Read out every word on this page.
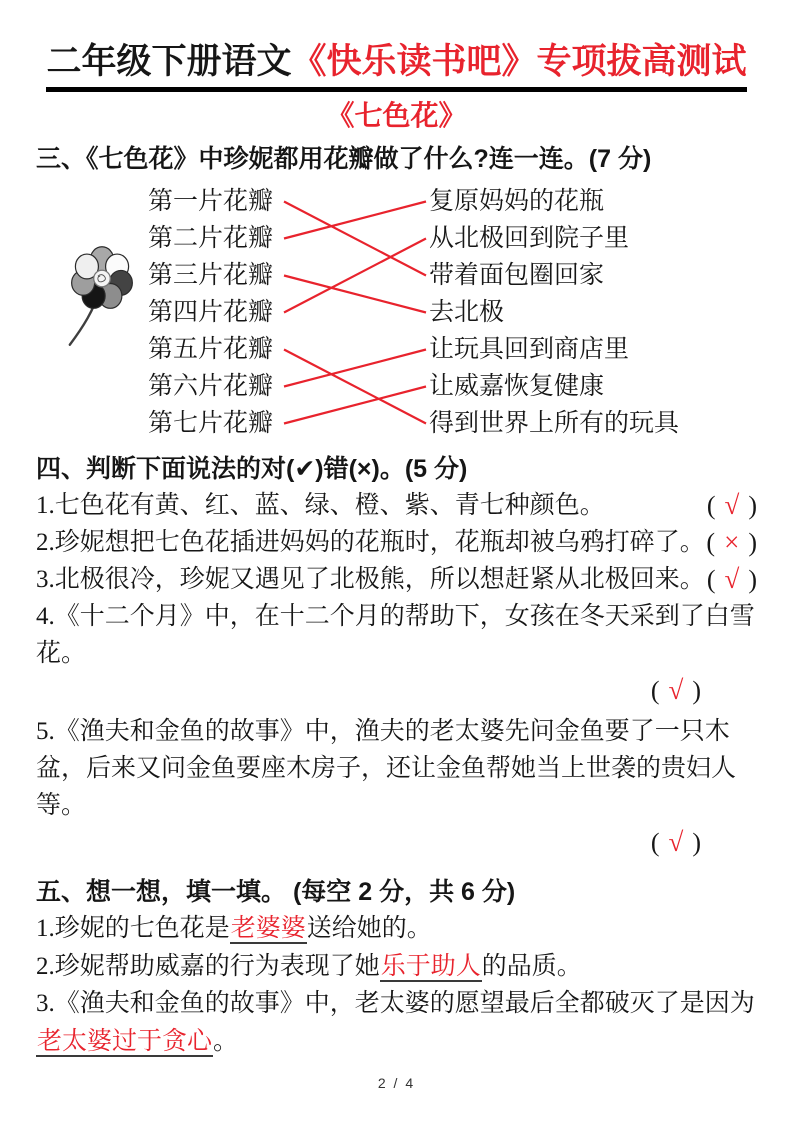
二年级下册语文《快乐读书吧》专项拔高测试
《七色花》
三、《七色花》中珍妮都用花瓣做了什么?连一连。(7 分)
第一片花瓣
第二片花瓣
第三片花瓣
第四片花瓣
第五片花瓣
第六片花瓣
第七片花瓣
复原妈妈的花瓶
从北极回到院子里
带着面包圈回家
去北极
让玩具回到商店里
让威嘉恢复健康
得到世界上所有的玩具
四、判断下面说法的对(✔)错(×)。(5 分)
1.七色花有黄、红、蓝、绿、橙、紫、青七种颜色。	( √ )
2.珍妮想把七色花插进妈妈的花瓶时，花瓶却被乌鸦打碎了。 ( × )
3.北极很冷，珍妮又遇见了北极熊，所以想赶紧从北极回来。 ( √ )
4.《十二个月》中，在十二个月的帮助下，女孩在冬天采到了白雪花。
( √ )
5.《渔夫和金鱼的故事》中，渔夫的老太婆先问金鱼要了一只木盆，后来又问金鱼要座木房子，还让金鱼帮她当上世袭的贵妇人等。
( √ )
五、想一想，填一填。 (每空 2 分，共 6 分)
1.珍妮的七色花是老婆婆送给她的。
2.珍妮帮助威嘉的行为表现了她乐于助人的品质。
3.《渔夫和金鱼的故事》中，老太婆的愿望最后全都破灭了是因为老太婆过于贪心。
2 / 4
